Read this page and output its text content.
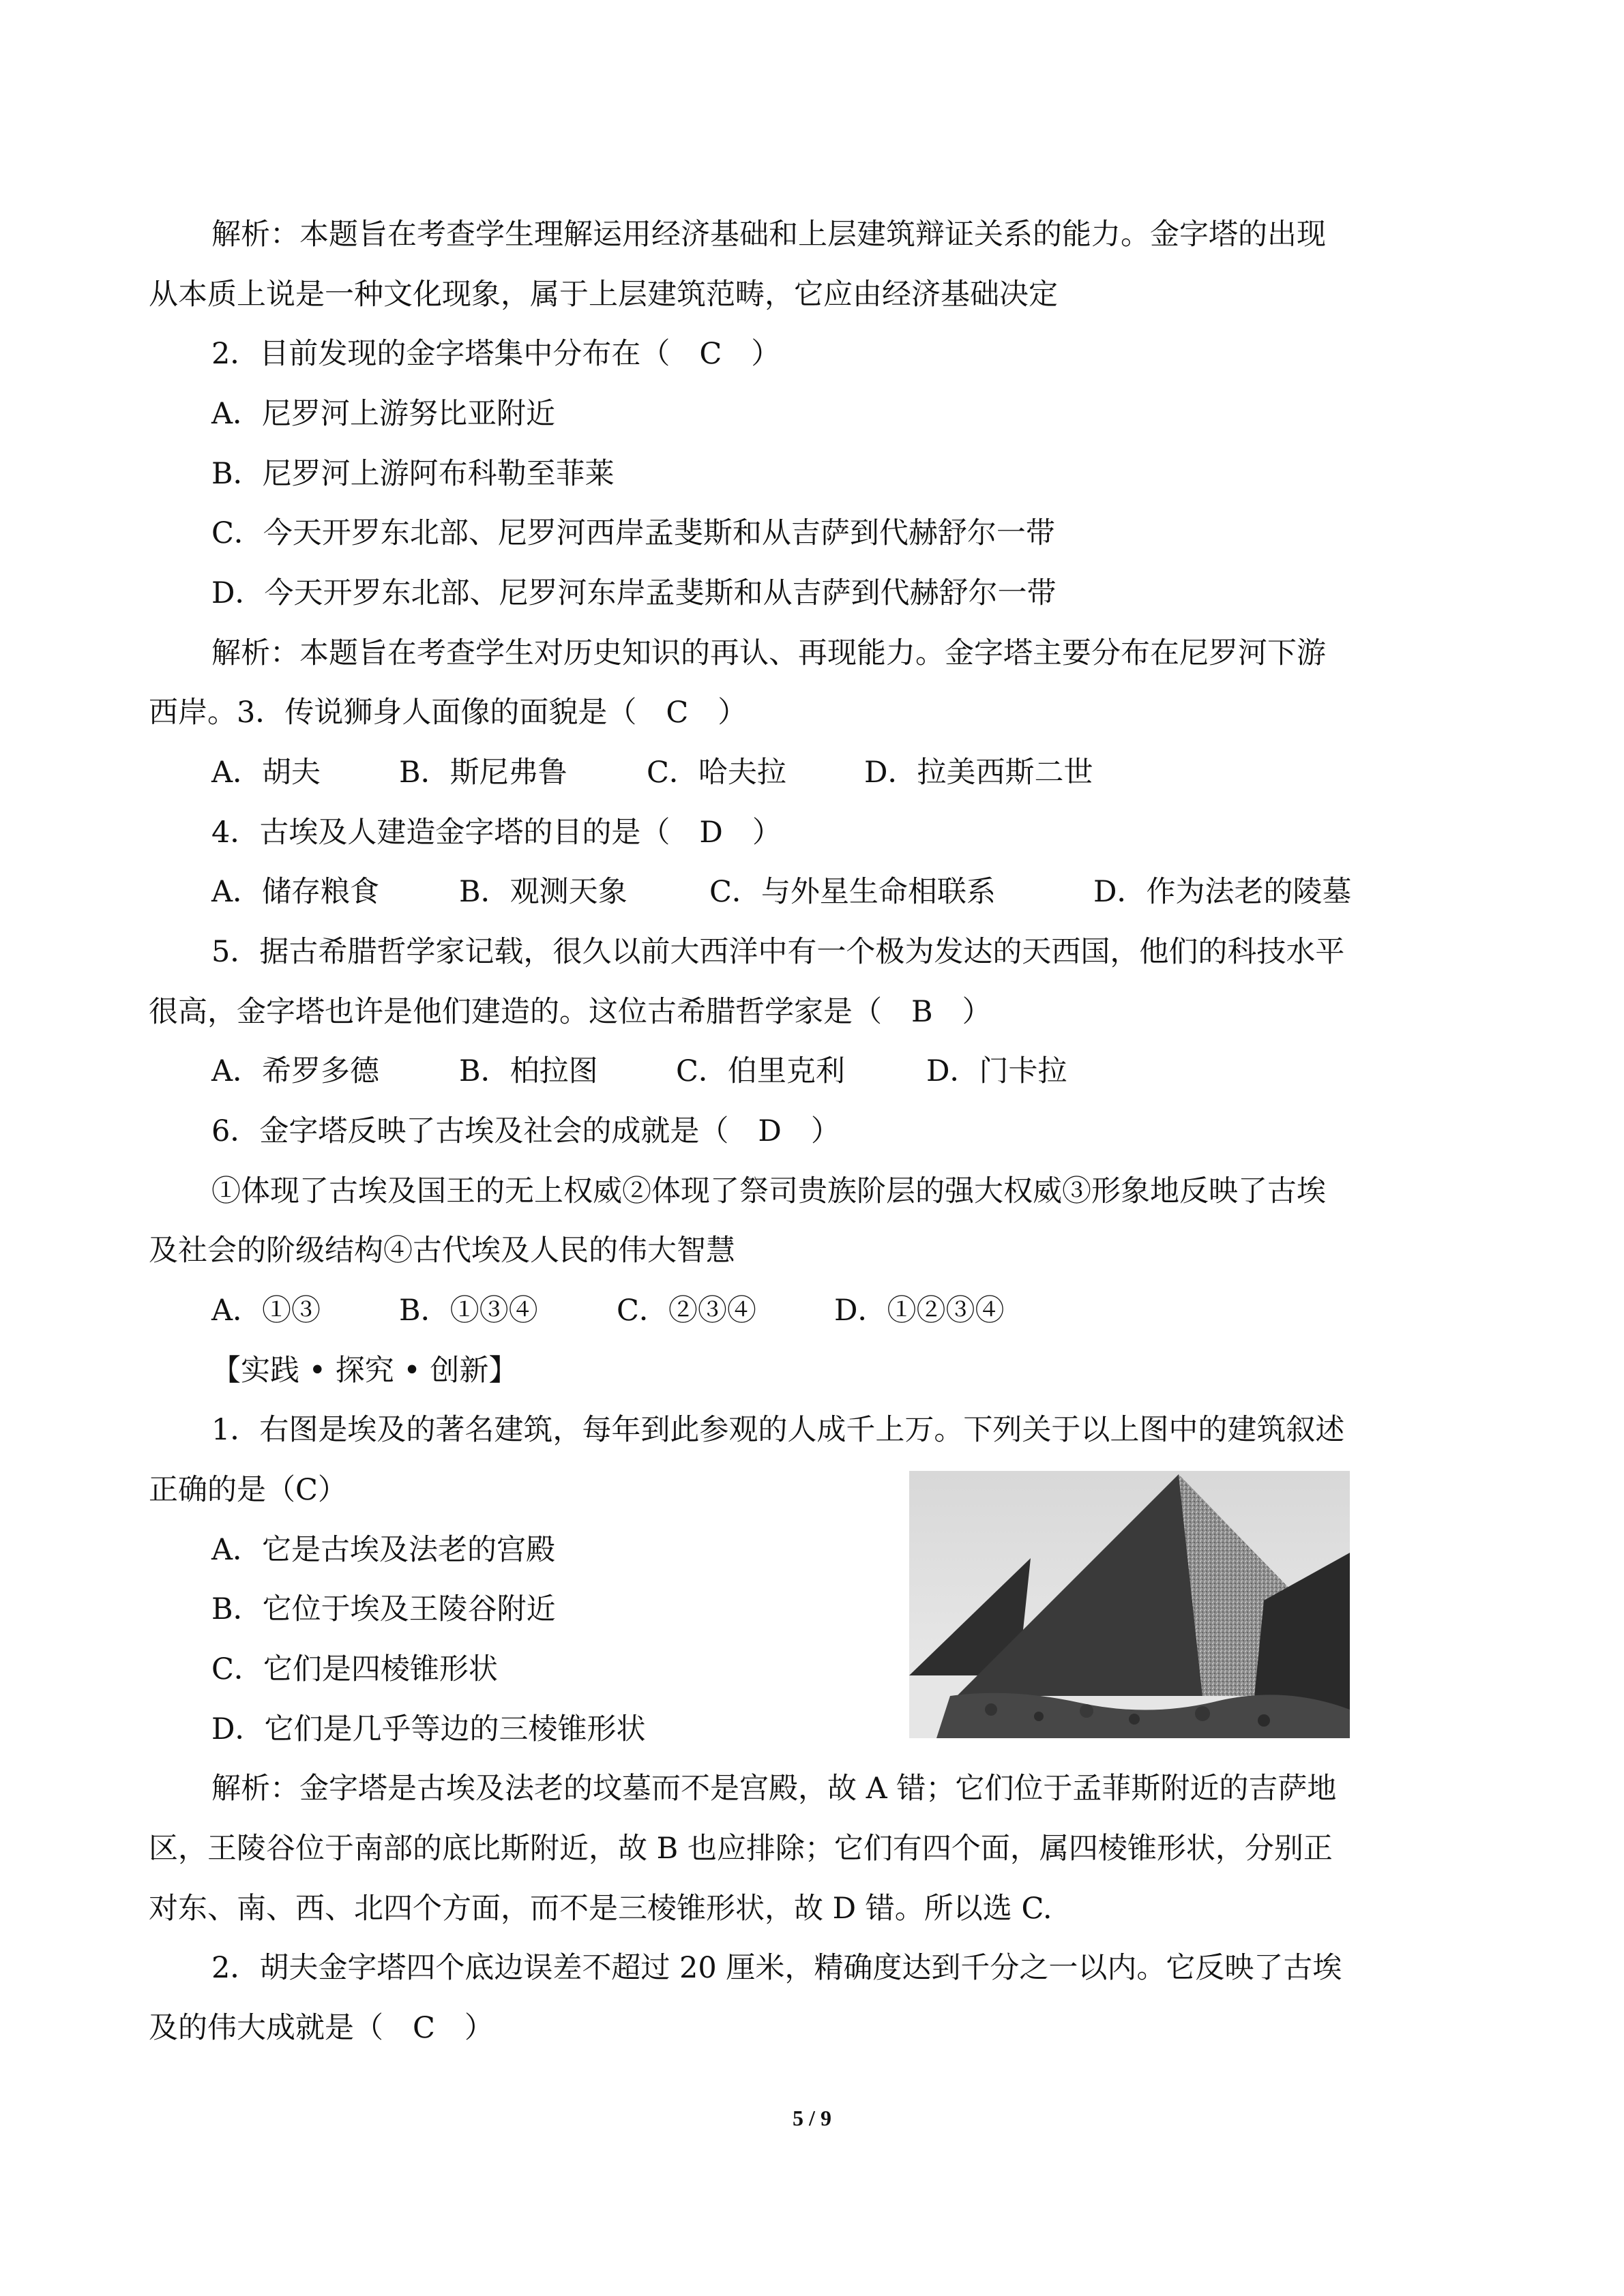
解析：本题旨在考查学生理解运用经济基础和上层建筑辩证关系的能力。金字塔的出现
从本质上说是一种文化现象，属于上层建筑范畴，它应由经济基础决定
2．目前发现的金字塔集中分布在（　C　）
A．尼罗河上游努比亚附近
B．尼罗河上游阿布科勒至菲莱
C．今天开罗东北部、尼罗河西岸孟斐斯和从吉萨到代赫舒尔一带
D．今天开罗东北部、尼罗河东岸孟斐斯和从吉萨到代赫舒尔一带
解析：本题旨在考查学生对历史知识的再认、再现能力。金字塔主要分布在尼罗河下游
西岸。3．传说狮身人面像的面貌是（　C　）
A．胡夫	B．斯尼弗鲁	C．哈夫拉	D．拉美西斯二世
4．古埃及人建造金字塔的目的是（　D　）
A．储存粮食	B．观测天象	C．与外星生命相联系	D．作为法老的陵墓
5．据古希腊哲学家记载，很久以前大西洋中有一个极为发达的天西国，他们的科技水平
很高，金字塔也许是他们建造的。这位古希腊哲学家是（　B　）
A．希罗多德	B．柏拉图	C．伯里克利	D．门卡拉
6．金字塔反映了古埃及社会的成就是（　D　）
①体现了古埃及国王的无上权威②体现了祭司贵族阶层的强大权威③形象地反映了古埃
及社会的阶级结构④古代埃及人民的伟大智慧
A．①③	B．①③④	C．②③④	D．①②③④
【实践 • 探究 • 创新】
1．右图是埃及的著名建筑，每年到此参观的人成千上万。下列关于以上图中的建筑叙述
正确的是（C）
A．它是古埃及法老的宫殿
B．它位于埃及王陵谷附近
C．它们是四棱锥形状
D．它们是几乎等边的三棱锥形状
解析：金字塔是古埃及法老的坟墓而不是宫殿，故 A 错；它们位于孟菲斯附近的吉萨地
区，王陵谷位于南部的底比斯附近，故 B 也应排除；它们有四个面，属四棱锥形状，分别正
对东、南、西、北四个方面，而不是三棱锥形状，故 D 错。所以选 C.
2．胡夫金字塔四个底边误差不超过 20 厘米，精确度达到千分之一以内。它反映了古埃
及的伟大成就是（　C　）
5 / 9
